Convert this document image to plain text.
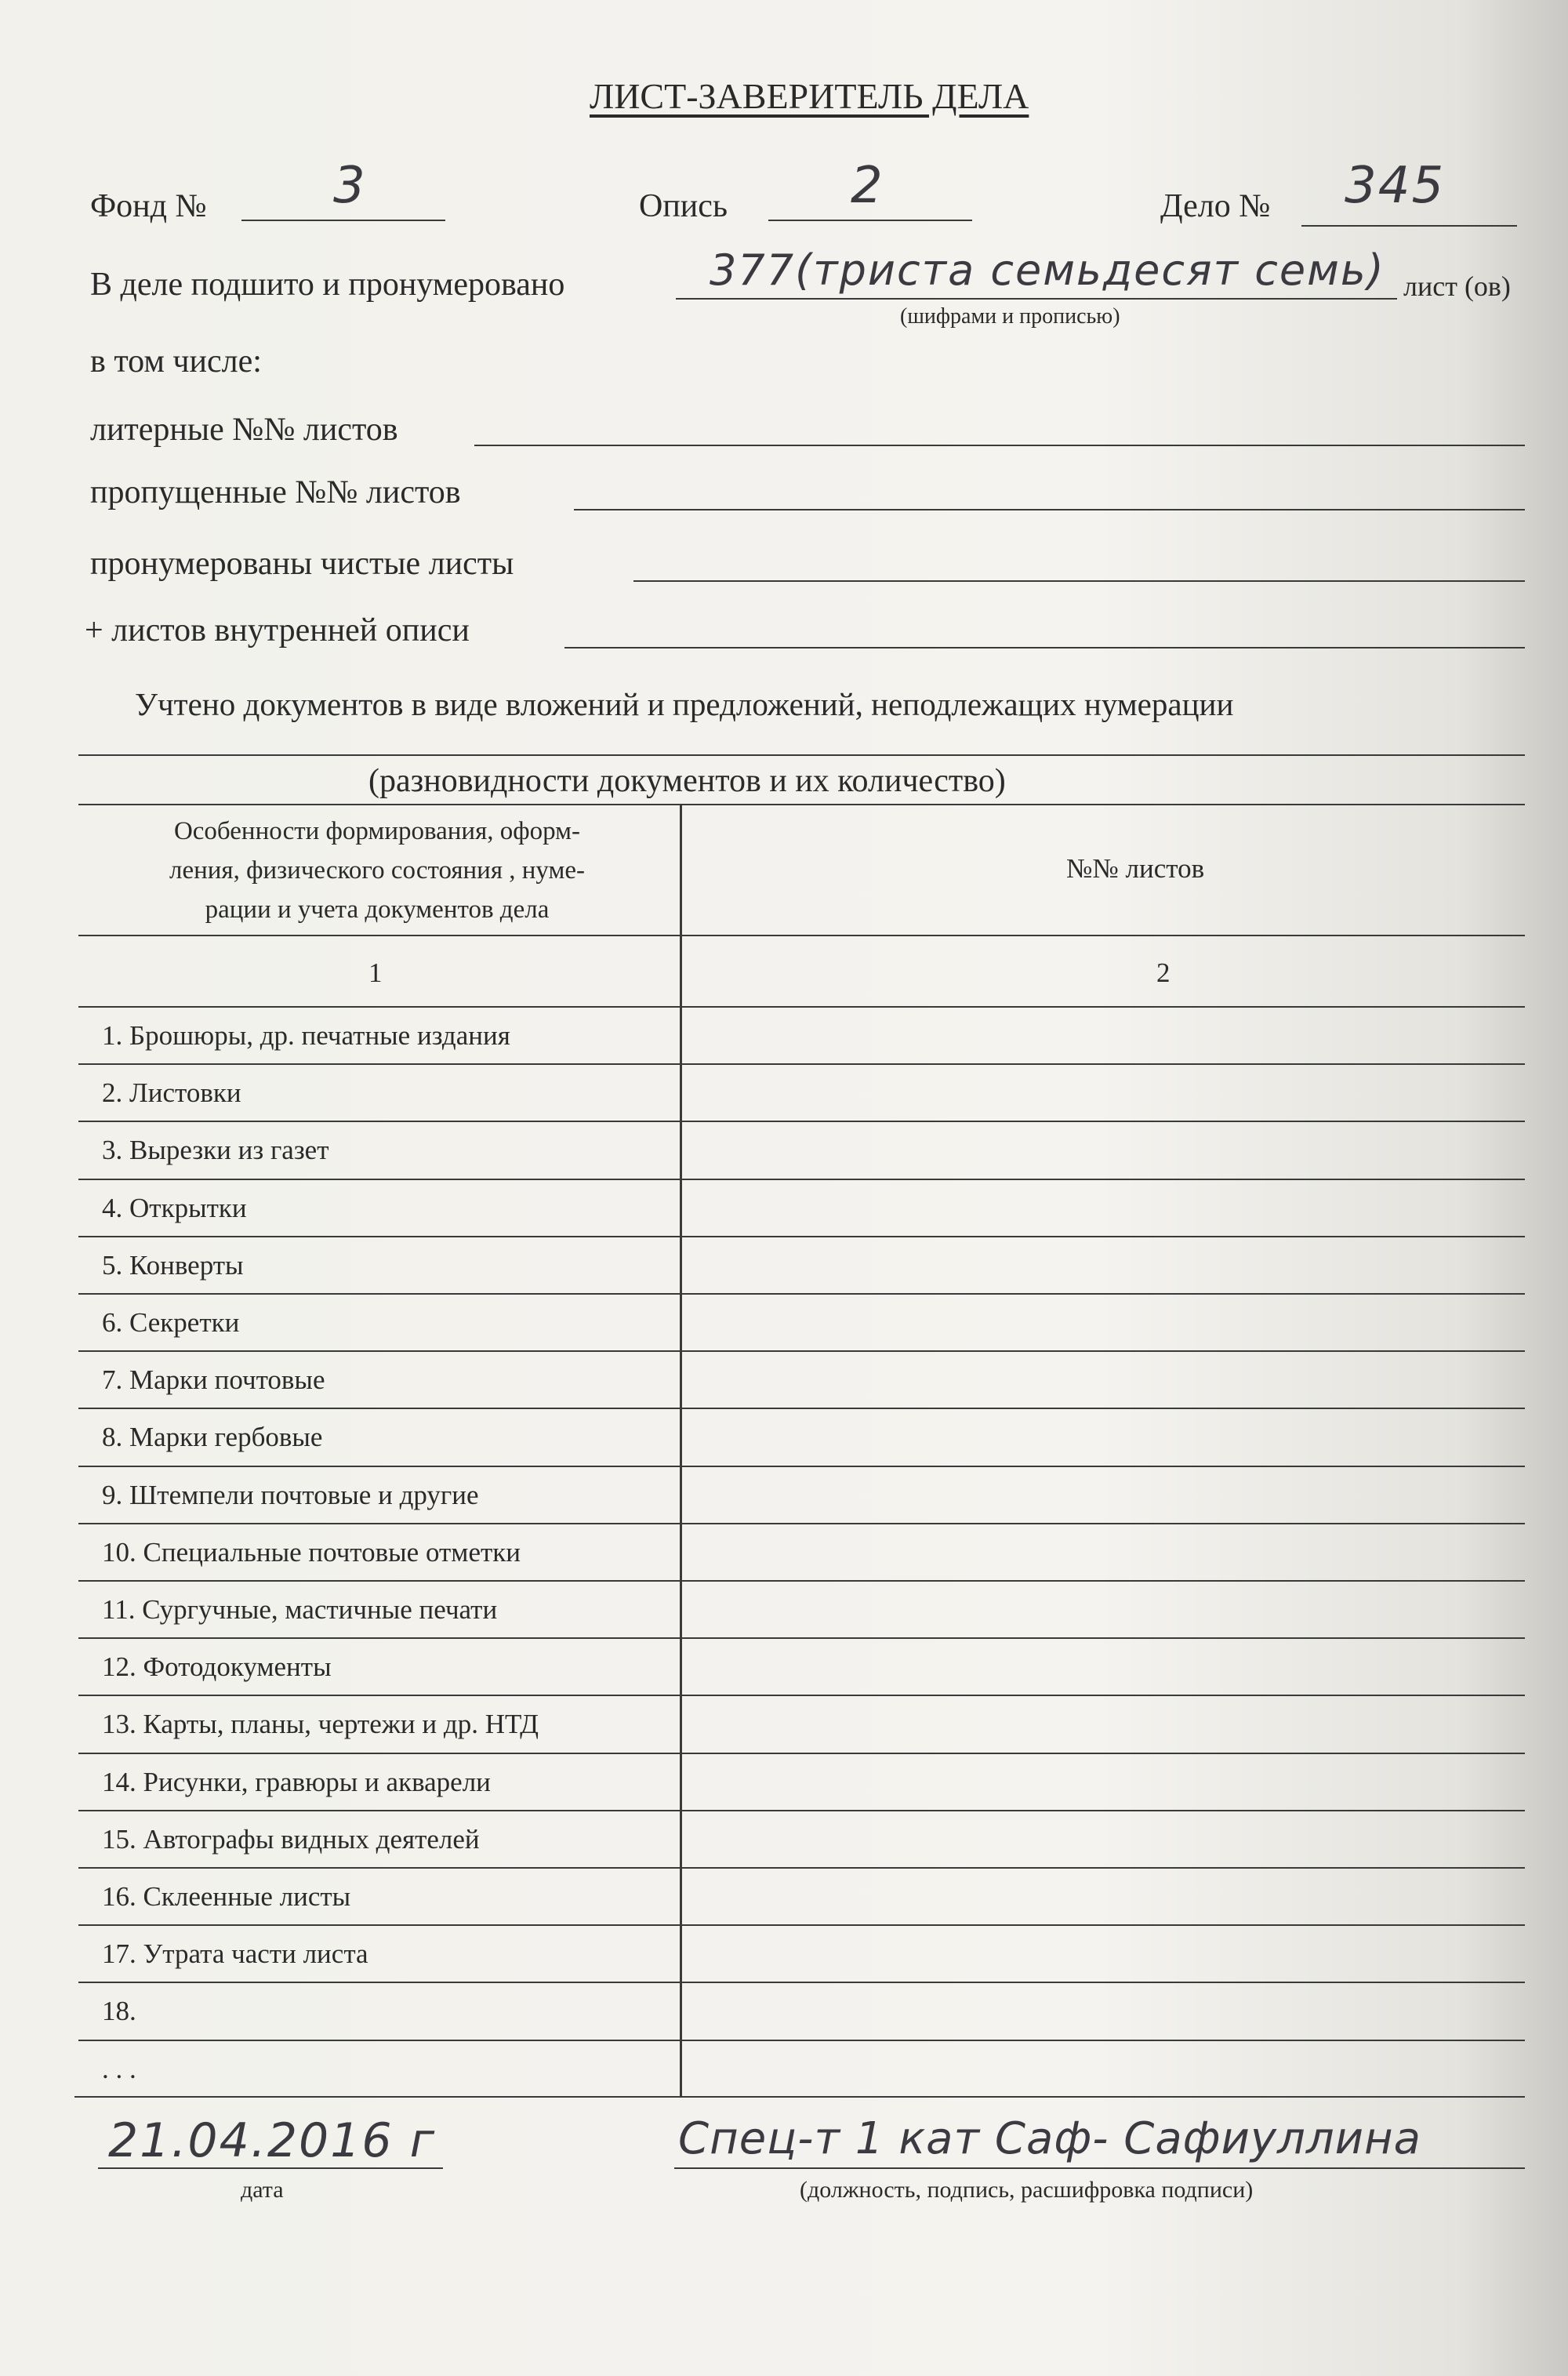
ЛИСТ-ЗАВЕРИТЕЛЬ ДЕЛА
Фонд №	3	Опись 2	Дело № 345
В деле подшито и пронумеровано	377(триста семьдесят семь) лист (ов)
(шифрами и прописью)
в том числе:
литерные №№ листов
пропущенные №№ листов
пронумерованы чистые листы
+ листов внутренней описи
Учтено документов в виде вложений и предложений, неподлежащих нумерации
(разновидности документов и их количество)
Особенности формирования, оформ-
ления, физического состояния , нуме-
рации и учета документов дела
№№ листов
1	2
1. Брошюры, др. печатные издания
2. Листовки
3. Вырезки из газет
4. Открытки
5. Конверты
6. Секретки
7. Марки почтовые
8. Марки гербовые
9. Штемпели почтовые и другие
10. Специальные почтовые отметки
11. Сургучные, мастичные печати
12. Фотодокументы
13. Карты, планы, чертежи и др. НТД
14. Рисунки, гравюры и акварели
15. Автографы видных деятелей
16. Склеенные листы
17. Утрата части листа
18.
. . .
21.04.2016 г
дата
Спец-т 1 кат Саф- Сафиуллина
(должность, подпись, расшифровка подписи)
